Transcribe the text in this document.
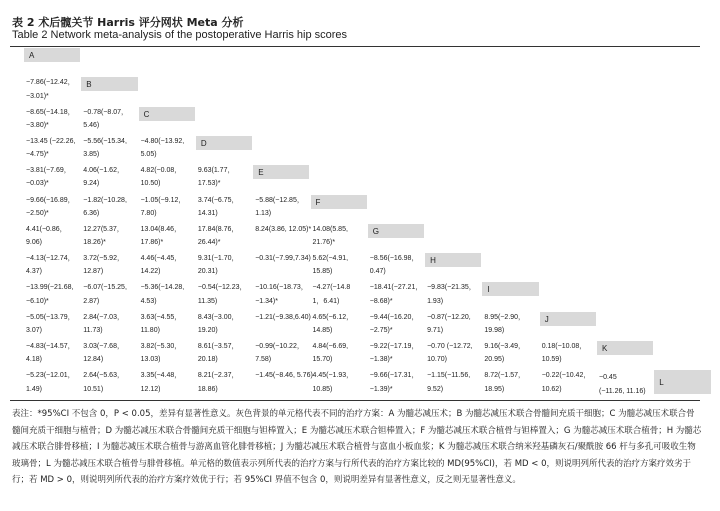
表 2 术后髋关节 Harris 评分网状 Meta 分析
Table 2 Network meta-analysis of the postoperative Harris hip scores
A
B
C
D
E
F
G
H
I
J
K
L
−7.86(−12.42，
−3.01)*
−8.65(−14.18，
−3.80)*
−0.78(−8.07，
5.46)
−13.45 (−22.26,
−4.75)*
−5.56(−15.34,
3.85)
−4.80(−13.92,
5.05)
−3.81(−7.69，
−0.03)*
4.06(−1.62，
9.24)
4.82(−0.08，
10.50)
9.63(1.77，
17.53)*
−9.66(−16.89，
−2.50)*
−1.82(−10.28,
6.36)
−1.05(−9.12，
7.80)
3.74(−6.75，
14.31)
−5.88(−12.85，
1.13)
4.41(−0.86，
9.06)
12.27(5.37，
18.26)*
13.04(8.46，
17.86)*
17.84(8.76，
26.44)*
8.24(3.86, 12.05)* 14.08(5.85,
21.76)*
−4.13(−12.74，
4.37)
3.72(−5.92，
12.87)
4.46(−4.45，
14.22)
9.31(−1.70，
20.31)
−0.31(−7.99,7.34) 5.62(−4.91,
15.85)
−8.56(−16.98，
0.47)
−13.99(−21.68,
−6.10)*
−6.07(−15.25,
2.87)
−5.36(−14.28,
4.53)
−0.54(−12.23，
11.35)
−10.16(−18.73，
−1.34)*
−4.27(−14.8
1，6.41)
−18.41(−27.21，
−8.68)*
−9.83(−21.35，
1.93)
−5.05(−13.79，
3.07)
2.84(−7.03，
11.73)
3.63(−4.55，
11.80)
8.43(−3.00，
19.20)
−1.21(−9.38,6.40) 4.65(−6.12，
14.85)
−9.44(−16.20，
−2.75)*
−0.87(−12.20,
9.71)
8.95(−2.90，
19.98)
−4.83(−14.57，
4.18)
3.03(−7.68，
12.84)
3.82(−5.30，
13.03)
8.61(−3.57，
20.18)
−0.99(−10.22，
7.58)
4.84(−6.69,
15.70)
−9.22(−17.19，
−1.38)*
−0.70 (−12.72,
10.70)
9.16(−3.49，
20.95)
0.18(−10.08，
10.59)
−5.23(−12.01，
1.49)
2.64(−5.63，
10.51)
3.35(−4.48，
12.12)
8.21(−2.37，
18.86)
−1.45(−8.46, 5.76) 4.45(−1.93，
10.85)
−9.66(−17.31，
−1.39)*
−1.15(−11.56,
9.52)
8.72(−1.57，
18.95)
−0.22(−10.42，
10.62)
−0.45
(−11.26, 11.16)
表注：*95%CI 不包含 0，P < 0.05，差异有显著性意义。灰色背景的单元格代表不同的治疗方案：A 为髓芯减压术；B 为髓芯减压术联合骨髓间充质干细胞；C 为髓芯减压术联合骨髓间充质干细胞与植骨；D 为髓芯减压术联合骨髓间充质干细胞与钽棒置入；E 为髓芯减压术联合钽棒置入；F 为髓芯减压术联合植骨与钽棒置入；G 为髓芯减压术联合植骨；H 为髓芯减压术联合腓骨移植；I 为髓芯减压术联合植骨与游离血管化腓骨移植；J 为髓芯减压术联合植骨与富血小板血浆；K 为髓芯减压术联合纳米羟基磷灰石/聚酰胺 66 杆与多孔可吸收生物玻璃骨；L 为髓芯减压术联合植骨与腓骨移植。单元格的数值表示列所代表的治疗方案与行所代表的治疗方案比较的 MD(95%CI)，若 MD < 0，则说明列所代表的治疗方案疗效劣于行；若 MD > 0，则说明列所代表的治疗方案疗效优于行；若 95%CI 界值不包含 0，则说明差异有显著性意义，反之则无显著性意义。
